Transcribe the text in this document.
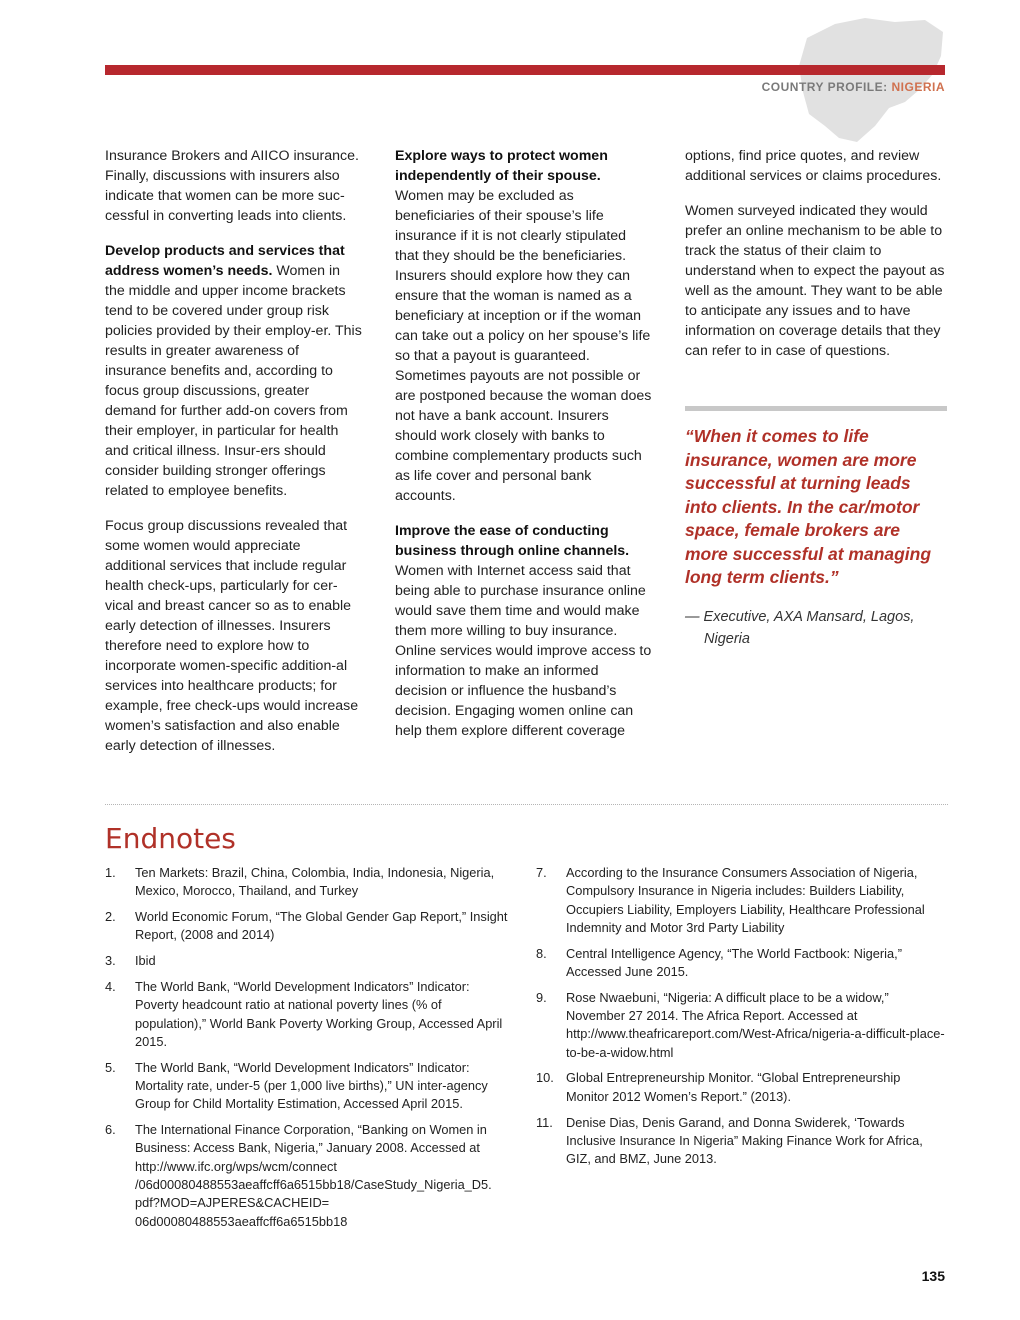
COUNTRY PROFILE: NIGERIA

Insurance Brokers and AIICO insurance. Finally, discussions with insurers also indicate that women can be more suc-cessful in converting leads into clients.

Develop products and services that address women’s needs. Women in the middle and upper income brackets tend to be covered under group risk policies provided by their employ-er. This results in greater awareness of insurance benefits and, according to focus group discussions, greater demand for further add-on covers from their employer, in particular for health and critical illness. Insur-ers should consider building stronger offerings related to employee benefits.

Focus group discussions revealed that some women would appreciate additional services that include regular health check-ups, particularly for cer-vical and breast cancer so as to enable early detection of illnesses. Insurers therefore need to explore how to incorporate women-specific addition-al services into healthcare products; for example, free check-ups would increase women’s satisfaction and also enable early detection of illnesses.

Explore ways to protect women independently of their spouse. Women may be excluded as beneficiaries of their spouse’s life insurance if it is not clearly stipulated that they should be the beneficiaries. Insurers should explore how they can ensure that the woman is named as a beneficiary at inception or if the woman can take out a policy on her spouse’s life so that a payout is guaranteed. Sometimes payouts are not possible or are postponed because the woman does not have a bank account. Insurers should work closely with banks to combine complementary products such as life cover and personal bank accounts.

Improve the ease of conducting business through online channels. Women with Internet access said that being able to purchase insurance online would save them time and would make them more willing to buy insurance. Online services would improve access to information to make an informed decision or influence the husband’s decision. Engaging women online can help them explore different coverage

options, find price quotes, and review additional services or claims procedures.

Women surveyed indicated they would prefer an online mechanism to be able to track the status of their claim to understand when to expect the payout as well as the amount. They want to be able to anticipate any issues and to have information on coverage details that they can refer to in case of questions.

“When it comes to life insurance, women are more successful at turning leads into clients. In the car/motor space, female brokers are more successful at managing long term clients.”
— Executive, AXA Mansard, Lagos, Nigeria
Endnotes
1.	Ten Markets: Brazil, China, Colombia, India, Indonesia, Nigeria, Mexico, Morocco, Thailand, and Turkey
2.	World Economic Forum, “The Global Gender Gap Report,” Insight Report, (2008 and 2014)
3.	Ibid
4.	The World Bank, “World Development Indicators” Indicator: Poverty headcount ratio at national poverty lines (% of population),” World Bank Poverty Working Group, Accessed April 2015.
5.	The World Bank, “World Development Indicators” Indicator: Mortality rate, under-5 (per 1,000 live births),” UN inter-agency Group for Child Mortality Estimation, Accessed April 2015.
6.	The International Finance Corporation, “Banking on Women in Business: Access Bank, Nigeria,” January 2008. Accessed at http://www.ifc.org/wps/wcm/connect /06d00080488553aeaffcff6a6515bb18/CaseStudy_Nigeria_D5. pdf?MOD=AJPERES&CACHEID= 06d00080488553aeaffcff6a6515bb18
7.	According to the Insurance Consumers Association of Nigeria, Compulsory Insurance in Nigeria includes: Builders Liability, Occupiers Liability, Employers Liability, Healthcare Professional Indemnity and Motor 3rd Party Liability
8.	Central Intelligence Agency, “The World Factbook: Nigeria,” Accessed June 2015.
9.	Rose Nwaebuni, “Nigeria: A difficult place to be a widow,” November 27 2014. The Africa Report. Accessed at http://www.theafricareport.com/West-Africa/nigeria-a-difficult-place-to-be-a-widow.html
10. Global Entrepreneurship Monitor. “Global Entrepreneurship Monitor 2012 Women’s Report.” (2013).
11.	Denise Dias, Denis Garand, and Donna Swiderek, ‘Towards Inclusive Insurance In Nigeria” Making Finance Work for Africa, GIZ, and BMZ, June 2013.
135
